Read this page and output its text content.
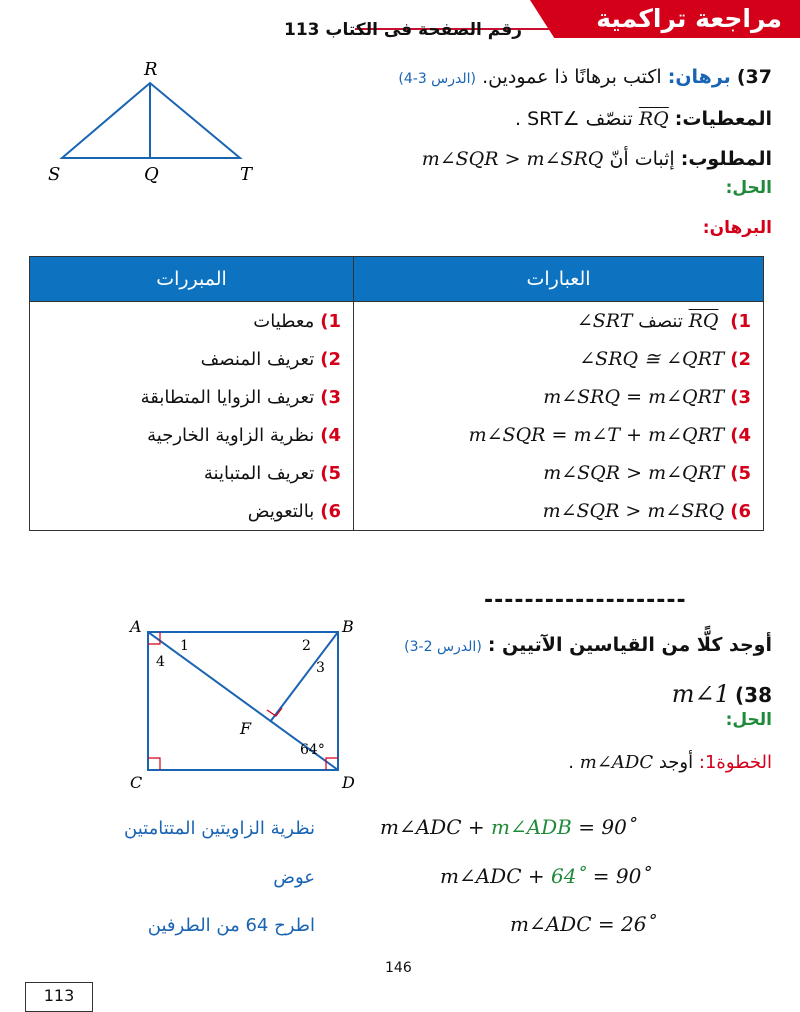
مراجعة تراكمية
رقم الصفحة فى الكتاب 113
R
S	Q	T
37) برهان: اكتب برهانًا ذا عمودين. (الدرس 3-4)
المعطيات: $\overline{RQ}$ تنصّف ∠SRT .
المطلوب: إثبات أنّ m∠SQR > m∠SRQ
الحل:
البرهان:
العبارات	المبررات
1) $\overline{RQ}$ تنصف ∠SRT	1)معطيات
2)∠SRQ ≅ ∠QRT	2)تعريف المنصف
3)m∠SRQ = m∠QRT	3)تعريف الزوايا المتطابقة
4)m∠SQR = m∠T + m∠QRT	4)نظرية الزاوية الخارجية
5)m∠SQR > m∠QRT	5)تعريف المتباينة
6)m∠SQR > m∠SRQ	6)بالتعويض
--------------------
A	B
C	D
F
1	2
3
4
64°
أوجد كلًّا من القياسين الآتيين : (الدرس 2-3)
38) m∠1
الحل:
الخطوة1: أوجد m∠ADC .
m∠ADC + m∠ADB = 90˚
نظرية الزاويتين المتتامتين
m∠ADC + 64˚ = 90˚
عوض
m∠ADC = 26˚
اطرح 64 من الطرفين
146
113
